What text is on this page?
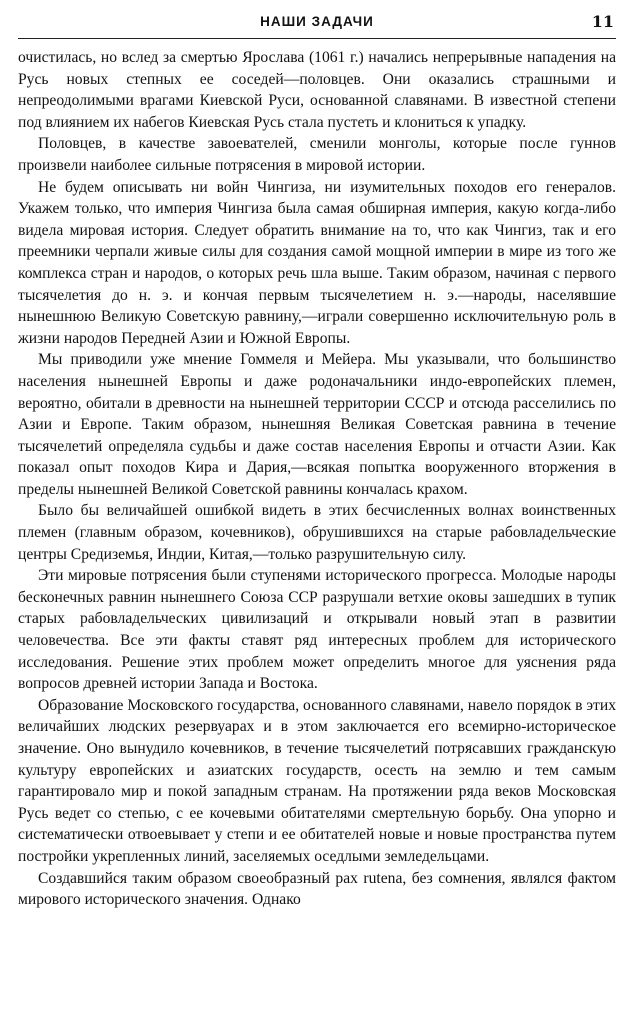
НАШИ ЗАДАЧИ	11

очистилась, но вслед за смертью Ярослава (1061 г.) начались непрерывные нападения на Русь новых степных ее соседей—половцев. Они оказались страшными и непреодолимыми врагами Киевской Руси, основанной славянами. В известной степени под влиянием их набегов Киевская Русь стала пустеть и клониться к упадку.

Половцев, в качестве завоевателей, сменили монголы, которые после гуннов произвели наиболее сильные потрясения в мировой истории.

Не будем описывать ни войн Чингиза, ни изумительных походов его генералов. Укажем только, что империя Чингиза была самая обширная империя, какую когда-либо видела мировая история. Следует обратить внимание на то, что как Чингиз, так и его преемники черпали живые силы для создания самой мощной империи в мире из того же комплекса стран и народов, о которых речь шла выше. Таким образом, начиная с первого тысячелетия до н. э. и кончая первым тысячелетием н. э.—народы, населявшие нынешнюю Великую Советскую равнину,—играли совершенно исключительную роль в жизни народов Передней Азии и Южной Европы.

Мы приводили уже мнение Гоммеля и Мейера. Мы указывали, что большинство населения нынешней Европы и даже родоначальники индо-европейских племен, вероятно, обитали в древности на нынешней территории СССР и отсюда расселились по Азии и Европе. Таким образом, нынешняя Великая Советская равнина в течение тысячелетий определяла судьбы и даже состав населения Европы и отчасти Азии. Как показал опыт походов Кира и Дария,—всякая попытка вооруженного вторжения в пределы нынешней Великой Советской равнины кончалась крахом.

Было бы величайшей ошибкой видеть в этих бесчисленных волнах воинственных племен (главным образом, кочевников), обрушившихся на старые рабовладельческие центры Средиземья, Индии, Китая,—только разрушительную силу.

Эти мировые потрясения были ступенями исторического прогресса. Молодые народы бесконечных равнин нынешнего Союза ССР разрушали ветхие оковы зашедших в тупик старых рабовладельческих цивилизаций и открывали новый этап в развитии человечества. Все эти факты ставят ряд интересных проблем для исторического исследования. Решение этих проблем может определить многое для уяснения ряда вопросов древней истории Запада и Востока.

Образование Московского государства, основанного славянами, навело порядок в этих величайших людских резервуарах и в этом заключается его всемирно-историческое значение. Оно вынудило кочевников, в течение тысячелетий потрясавших гражданскую культуру европейских и азиатских государств, осесть на землю и тем самым гарантировало мир и покой западным странам. На протяжении ряда веков Московская Русь ведет со степью, с ее кочевыми обитателями смертельную борьбу. Она упорно и систематически отвоевывает у степи и ее обитателей новые и новые пространства путем постройки укрепленных линий, заселяемых оседлыми земледельцами.

Создавшийся таким образом своеобразный pax rutena, без сомнения, являлся фактом мирового исторического значения. Однако
